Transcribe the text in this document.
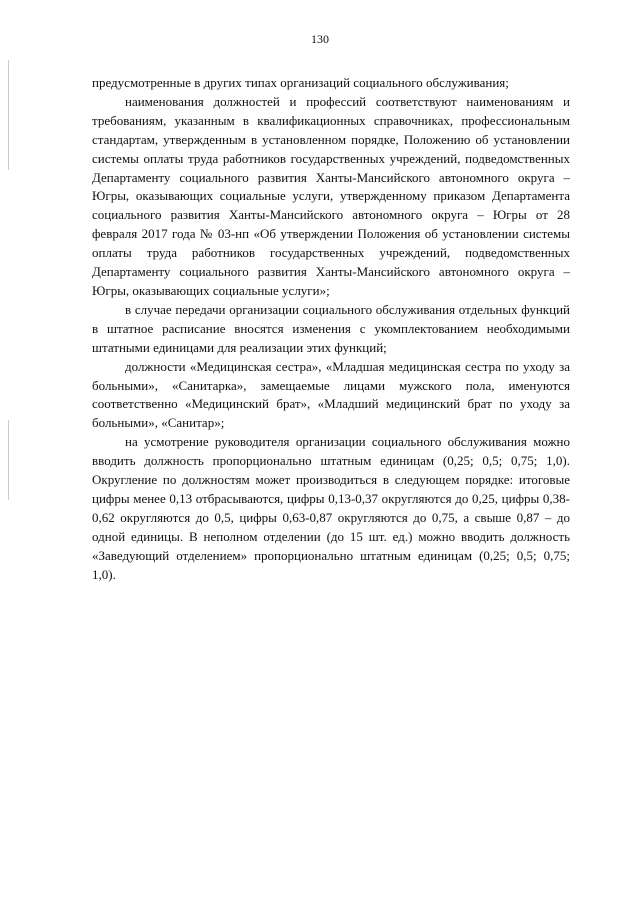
130

предусмотренные в других типах организаций социального обслуживания;

наименования должностей и профессий соответствуют наименованиям и требованиям, указанным в квалификационных справочниках, профессиональным стандартам, утвержденным в установленном порядке, Положению об установлении системы оплаты труда работников государственных учреждений, подведомственных Департаменту социального развития Ханты-Мансийского автономного округа – Югры, оказывающих социальные услуги, утвержденному приказом Департамента социального развития Ханты-Мансийского автономного округа – Югры от 28 февраля 2017 года № 03-нп «Об утверждении Положения об установлении системы оплаты труда работников государственных учреждений, подведомственных Департаменту социального развития Ханты-Мансийского автономного округа – Югры, оказывающих социальные услуги»;

в случае передачи организации социального обслуживания отдельных функций в штатное расписание вносятся изменения с укомплектованием необходимыми штатными единицами для реализации этих функций;

должности «Медицинская сестра», «Младшая медицинская сестра по уходу за больными», «Санитарка», замещаемые лицами мужского пола, именуются соответственно «Медицинский брат», «Младший медицинский брат по уходу за больными», «Санитар»;

на усмотрение руководителя организации социального обслуживания можно вводить должность пропорционально штатным единицам (0,25; 0,5; 0,75; 1,0). Округление по должностям может производиться в следующем порядке: итоговые цифры менее 0,13 отбрасываются, цифры 0,13-0,37 округляются до 0,25, цифры 0,38-0,62 округляются до 0,5, цифры 0,63-0,87 округляются до 0,75, а свыше 0,87 – до одной единицы. В неполном отделении (до 15 шт. ед.) можно вводить должность «Заведующий отделением» пропорционально штатным единицам (0,25; 0,5; 0,75; 1,0).
